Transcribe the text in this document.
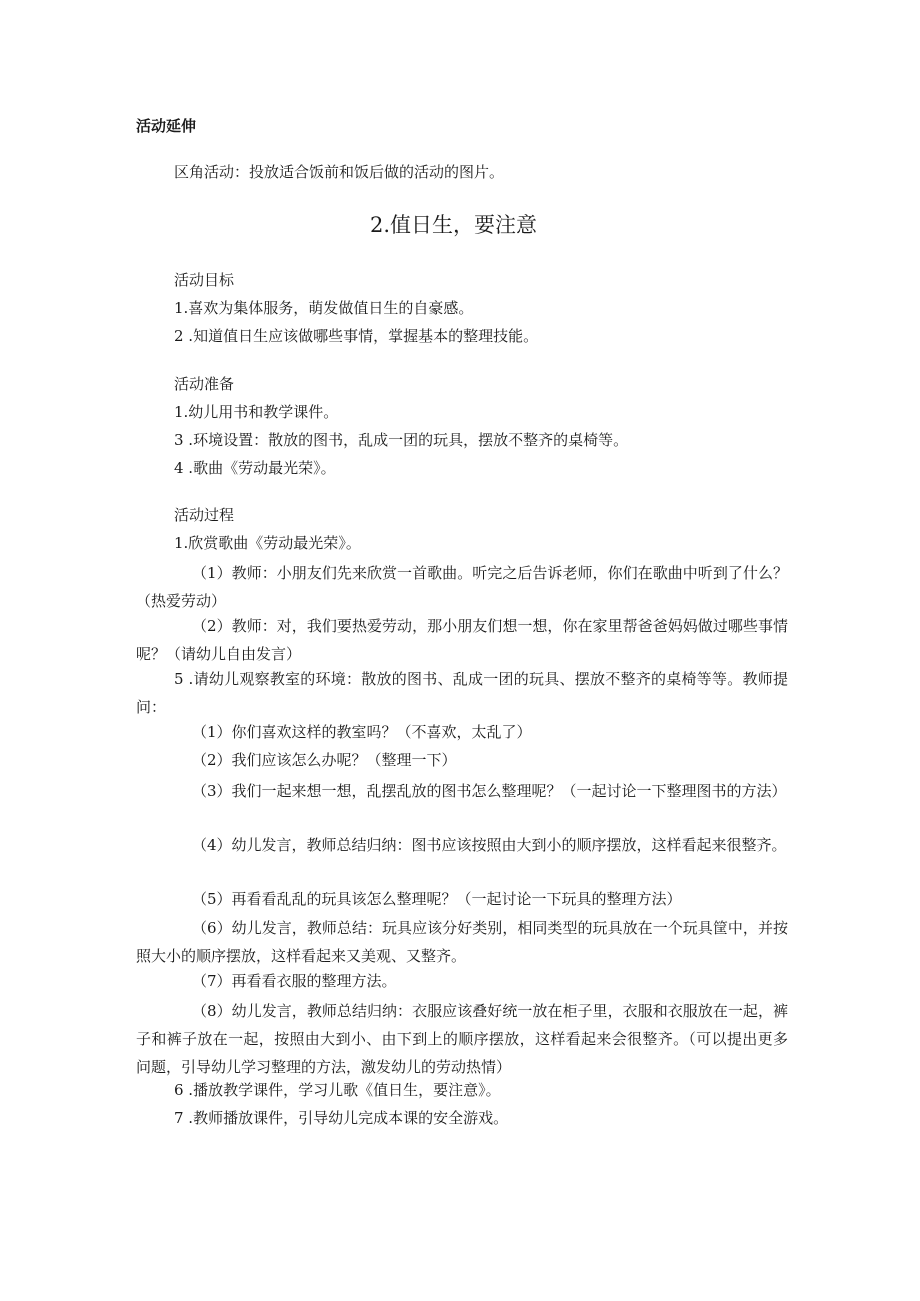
活动延伸
区角活动：投放适合饭前和饭后做的活动的图片。
2.值日生，要注意
活动目标
1.喜欢为集体服务，萌发做值日生的自豪感。
2 .知道值日生应该做哪些事情，掌握基本的整理技能。
活动准备
1.幼儿用书和教学课件。
3 .环境设置：散放的图书，乱成一团的玩具，摆放不整齐的桌椅等。
4 .歌曲《劳动最光荣》。
活动过程
1.欣赏歌曲《劳动最光荣》。
（1）教师：小朋友们先来欣赏一首歌曲。听完之后告诉老师，你们在歌曲中听到了什么？（热爱劳动）
（2）教师：对，我们要热爱劳动，那小朋友们想一想，你在家里帮爸爸妈妈做过哪些事情呢？（请幼儿自由发言）
5 .请幼儿观察教室的环境：散放的图书、乱成一团的玩具、摆放不整齐的桌椅等等。教师提问：
（1）你们喜欢这样的教室吗？（不喜欢，太乱了）
（2）我们应该怎么办呢？（整理一下）
（3）我们一起来想一想，乱摆乱放的图书怎么整理呢？（一起讨论一下整理图书的方法）
（4）幼儿发言，教师总结归纳：图书应该按照由大到小的顺序摆放，这样看起来很整齐。
（5）再看看乱乱的玩具该怎么整理呢？（一起讨论一下玩具的整理方法）
（6）幼儿发言，教师总结：玩具应该分好类别，相同类型的玩具放在一个玩具筐中，并按照大小的顺序摆放，这样看起来又美观、又整齐。
（7）再看看衣服的整理方法。
（8）幼儿发言，教师总结归纳：衣服应该叠好统一放在柜子里，衣服和衣服放在一起，裤子和裤子放在一起，按照由大到小、由下到上的顺序摆放，这样看起来会很整齐。（可以提出更多问题，引导幼儿学习整理的方法，激发幼儿的劳动热情）
6 .播放教学课件，学习儿歌《值日生，要注意》。
7 .教师播放课件，引导幼儿完成本课的安全游戏。
